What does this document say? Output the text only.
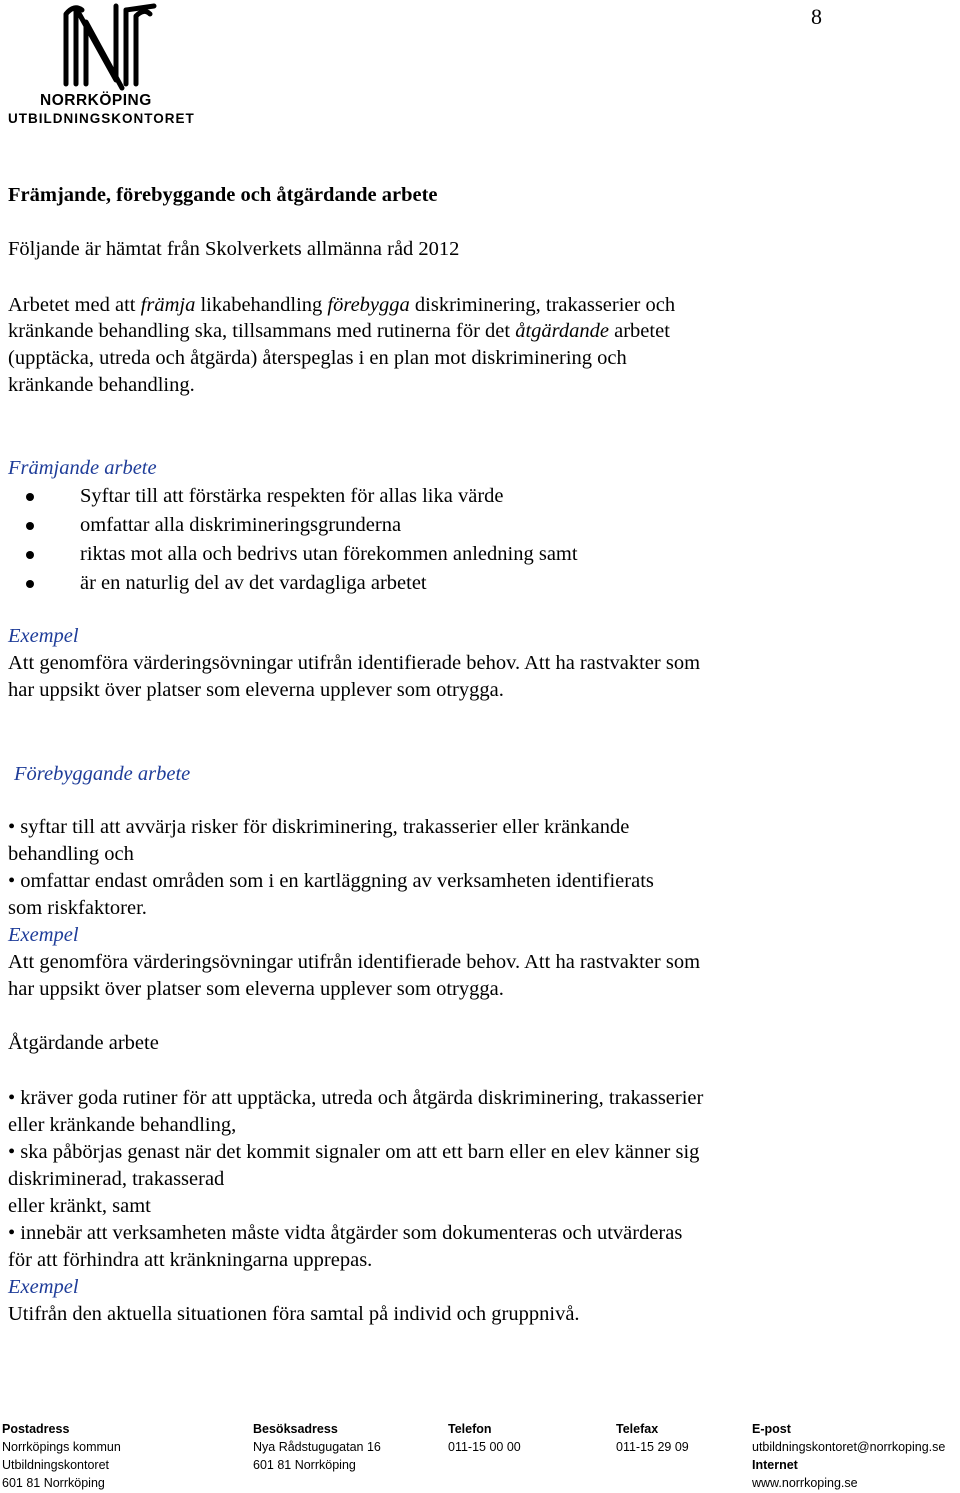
8
NORRKÖPING
UTBILDNINGSKONTORET
Främjande, förebyggande och åtgärdande arbete
Följande är hämtat från Skolverkets allmänna råd 2012
Arbetet med att främja likabehandling förebygga diskriminering, trakasserier och
kränkande behandling ska, tillsammans med rutinerna för det åtgärdande arbetet
(upptäcka, utreda och åtgärda) återspeglas i en plan mot diskriminering och
kränkande behandling.
Främjande arbete
Syftar till att förstärka respekten för allas lika värde
omfattar alla diskrimineringsgrunderna
riktas mot alla och bedrivs utan förekommen anledning samt
är en naturlig del av det vardagliga arbetet
Exempel
Att genomföra värderingsövningar utifrån identifierade behov. Att ha rastvakter som
har uppsikt över platser som eleverna upplever som otrygga.
Förebyggande arbete
• syftar till att avvärja risker för diskriminering, trakasserier eller kränkande
behandling och
• omfattar endast områden som i en kartläggning av verksamheten identifierats
som riskfaktorer.
Exempel
Att genomföra värderingsövningar utifrån identifierade behov. Att ha rastvakter som
har uppsikt över platser som eleverna upplever som otrygga.
Åtgärdande arbete
• kräver goda rutiner för att upptäcka, utreda och åtgärda diskriminering, trakasserier
eller kränkande behandling,
• ska påbörjas genast när det kommit signaler om att ett barn eller en elev känner sig
diskriminerad, trakasserad
eller kränkt, samt
• innebär att verksamheten måste vidta åtgärder som dokumenteras och utvärderas
för att förhindra att kränkningarna upprepas.
Exempel
Utifrån den aktuella situationen föra samtal på individ och gruppnivå.
Postadress
Norrköpings kommun
Utbildningskontoret
601 81 Norrköping
Besöksadress
Nya Rådstugugatan 16
601 81 Norrköping
Telefon
011-15 00 00
Telefax
011-15 29 09
E-post
utbildningskontoret@norrkoping.se
Internet
www.norrkoping.se
